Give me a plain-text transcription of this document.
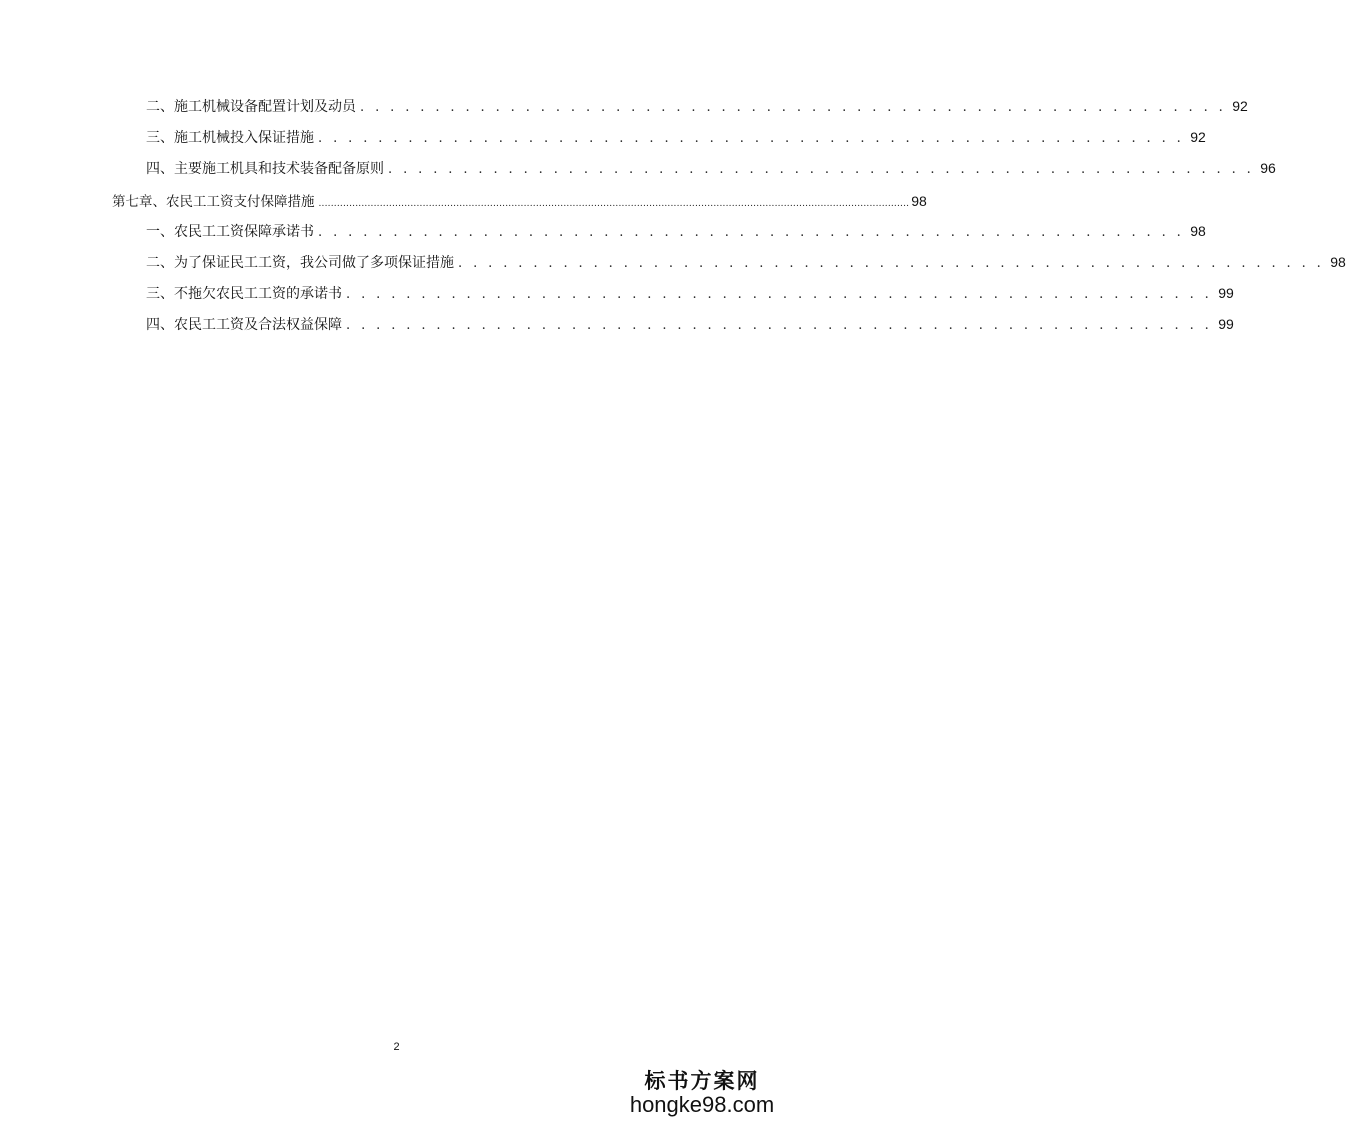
二、 施工机械设备配置计划及动员 . . . . . . . . . . . . . . . . . . . . . . . . . . . . . . . . . . . . . . . . . . . . . . . . . . . . . . . . . . 92
三、 施工机械投入保证措施 . . . . . . . . . . . . . . . . . . . . . . . . . . . . . . . . . . . . . . . . . . . . . . . . . . . . . . . . . . 92
四、 主要施工机具和技术装备配备原则 . . . . . . . . . . . . . . . . . . . . . . . . . . . . . . . . . . . . . . . . . . . . . . . . . . . . . . . . . . 96
第七章、农民工工资支付保障措施 ................................................................................................................................................................................................. 98
一、 农民工工资保障承诺书 . . . . . . . . . . . . . . . . . . . . . . . . . . . . . . . . . . . . . . . . . . . . . . . . . . . . . . . . . . 98
二、 为了保证民工工资，我公司做了多项保证措施 . . . . . . . . . . . . . . . . . . . . . . . . . . . . . . . . . . . . . . . . . . . . . . . . . . . . . . . . . . 98
三、 不拖欠农民工工资的承诺书 . . . . . . . . . . . . . . . . . . . . . . . . . . . . . . . . . . . . . . . . . . . . . . . . . . . . . . . . . . 99
四、 农民工工资及合法权益保障 . . . . . . . . . . . . . . . . . . . . . . . . . . . . . . . . . . . . . . . . . . . . . . . . . . . . . . . . . . 99
2
标书方案网
hongke98.com
